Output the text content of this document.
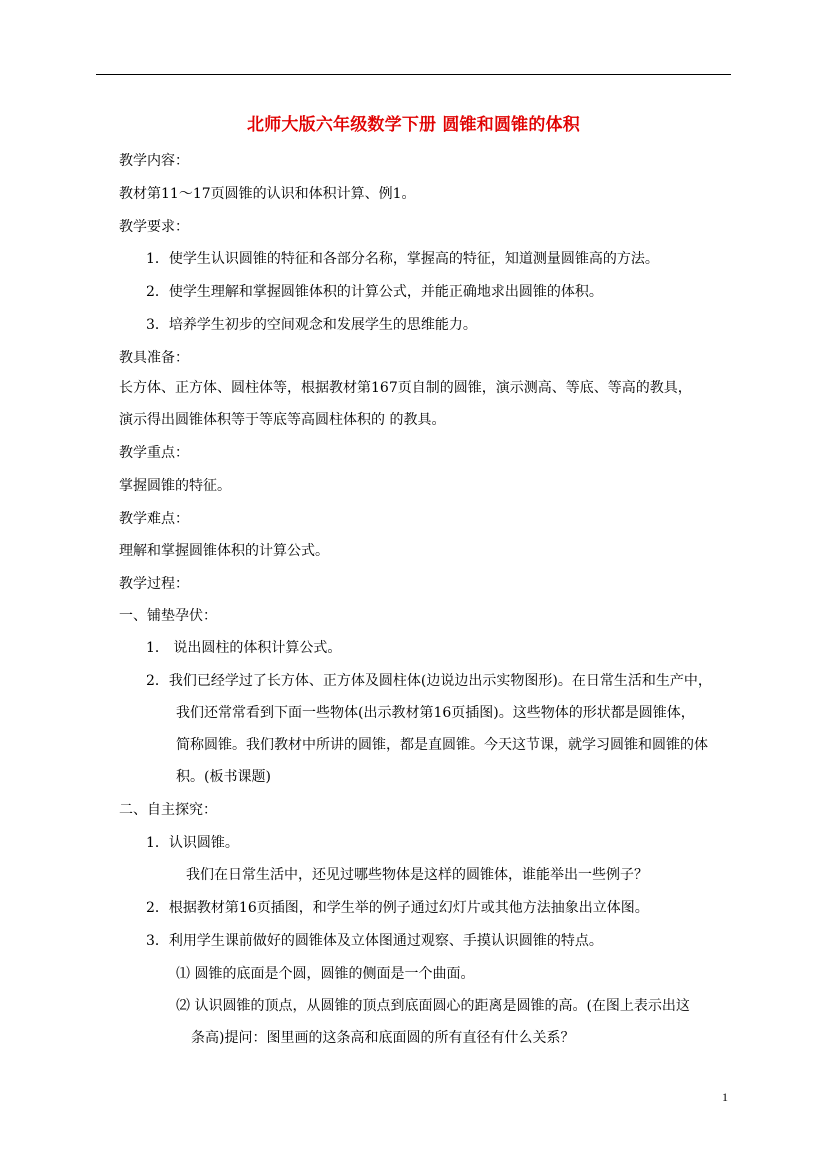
北师大版六年级数学下册 圆锥和圆锥的体积
教学内容：
教材第11～17页圆锥的认识和体积计算、例1。
教学要求：
1．使学生认识圆锥的特征和各部分名称，掌握高的特征，知道测量圆锥高的方法。
2．使学生理解和掌握圆锥体积的计算公式，并能正确地求出圆锥的体积。
3．培养学生初步的空间观念和发展学生的思维能力。
教具准备：
长方体、正方体、圆柱体等，根据教材第167页自制的圆锥，演示测高、等底、等高的教具，
演示得出圆锥体积等于等底等高圆柱体积的 的教具。
教学重点：
掌握圆锥的特征。
教学难点：
理解和掌握圆锥体积的计算公式。
教学过程：
一、铺垫孕伏：
1． 说出圆柱的体积计算公式。
2．我们已经学过了长方体、正方体及圆柱体(边说边出示实物图形)。在日常生活和生产中，
我们还常常看到下面一些物体(出示教材第16页插图)。这些物体的形状都是圆锥体，
简称圆锥。我们教材中所讲的圆锥，都是直圆锥。今天这节课，就学习圆锥和圆锥的体
积。(板书课题)
二、自主探究：
1．认识圆锥。
我们在日常生活中，还见过哪些物体是这样的圆锥体，谁能举出一些例子？
2．根据教材第16页插图，和学生举的例子通过幻灯片或其他方法抽象出立体图。
3．利用学生课前做好的圆锥体及立体图通过观察、手摸认识圆锥的特点。
⑴ 圆锥的底面是个圆，圆锥的侧面是一个曲面。
⑵ 认识圆锥的顶点，从圆锥的顶点到底面圆心的距离是圆锥的高。(在图上表示出这
条高)提问：图里画的这条高和底面圆的所有直径有什么关系？
1
